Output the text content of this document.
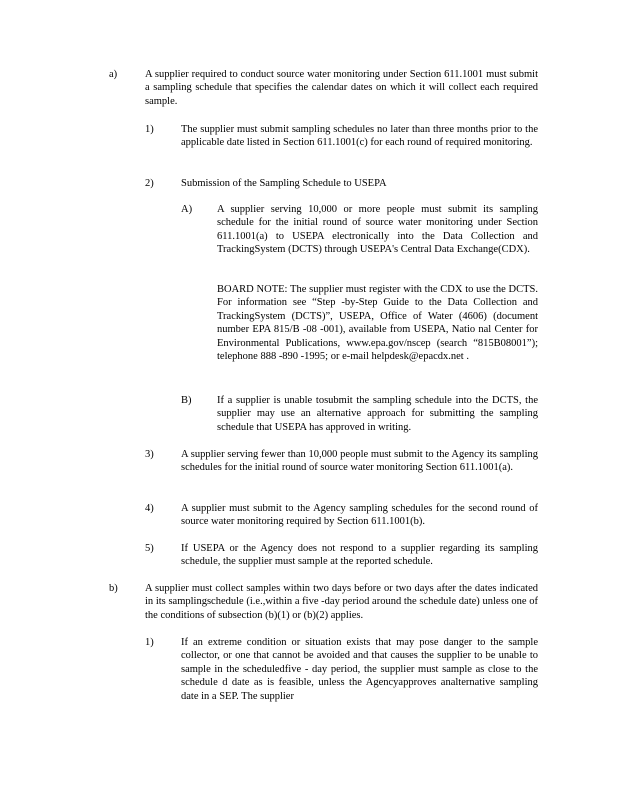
a)	A supplier required to conduct source water monitoring under Section 611.1001 must submit a sampling schedule that specifies the calendar dates on which it will collect each required sample.
1)	The supplier must submit sampling schedules no later than three months prior to the applicable date listed in Section 611.1001(c) for each round of required monitoring.
2)	Submission of the Sampling Schedule to USEPA
A) A supplier serving 10,000 or more people must submit its sampling schedule for the initial round of source water monitoring under Section 611.1001(a) to USEPA electronically into the Data Collection and TrackingSystem (DCTS) through USEPA's Central Data Exchange(CDX).
BOARD NOTE: The supplier must register with the CDX to use the DCTS. For information see “Step -by-Step Guide to the Data Collection and TrackingSystem (DCTS)”, USEPA, Office of Water (4606) (document number EPA 815/B -08 -001), available from USEPA, Natio nal Center for Environmental Publications, www.epa.gov/nscep (search “815B08001”); telephone 888 -890 -1995; or e-mail helpdesk@epacdx.net .
B) If a supplier is unable tosubmit the sampling schedule into the DCTS, the supplier may use an alternative approach for submitting the sampling schedule that USEPA has approved in writing.
3)	A supplier serving fewer than 10,000 people must submit to the Agency its sampling schedules for the initial round of source water monitoring Section 611.1001(a).
4)	A supplier must submit to the Agency sampling schedules for the second round of source water monitoring required by Section 611.1001(b).
5)	If USEPA or the Agency does not respond to a supplier regarding its sampling schedule, the supplier must sample at the reported schedule.
b)	A supplier must collect samples within two days before or two days after the dates indicated in its samplingschedule (i.e.,within a five -day period around the schedule date) unless one of the conditions of subsection (b)(1) or (b)(2) applies.
1)	If an extreme condition or situation exists that may pose danger to the sample collector, or one that cannot be avoided and that causes the supplier to be unable to sample in the scheduledfive - day period, the supplier must sample as close to the schedule d date as is feasible, unless the Agencyapproves analternative sampling date in a SEP. The supplier
